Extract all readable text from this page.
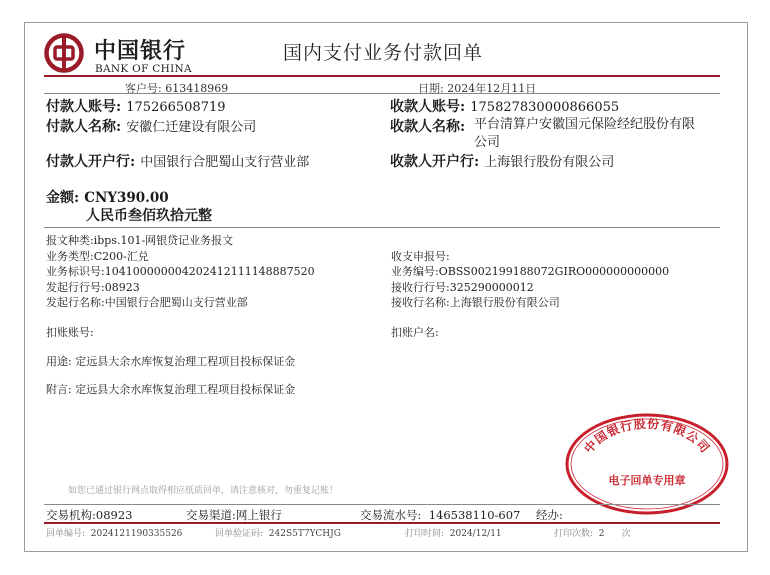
中国银行
BANK OF CHINA
国内支付业务付款回单
客户号: 613418969	日期: 2024年12月11日
付款人账号: 175266508719	收款人账号: 175827830000866055
付款人名称: 安徽仁迁建设有限公司	收款人名称: 平台清算户安徽国元保险经纪股份有限公司
付款人开户行: 中国银行合肥蜀山支行营业部	收款人开户行: 上海银行股份有限公司
金额: CNY390.00
人民币叁佰玖拾元整
报文种类:ibps.101-网银贷记业务报文
业务类型:C200-汇兑
业务标识号:104100000004202412111148887520
发起行行号:08923
发起行名称:中国银行合肥蜀山支行营业部
收支申报号:
业务编号:OBSS002199188072GIRO000000000000
接收行行号:325290000012
接收行名称:上海银行股份有限公司
扣账账号:	扣账户名:
用途: 定远县大余水库恢复治理工程项目投标保证金
附言: 定远县大余水库恢复治理工程项目投标保证金
如您已通过银行网点取得相应纸质回单，请注意核对，勿重复记账！
中国银行股份有限公司
电子回单专用章
交易机构:08923	交易渠道:网上银行	交易流水号: 146538110-607 经办:
回单编号: 20241211903355​26	回单验证码: 242S5T7YCHJG	打印时间: 2024/12/11	打印次数: 2 次
